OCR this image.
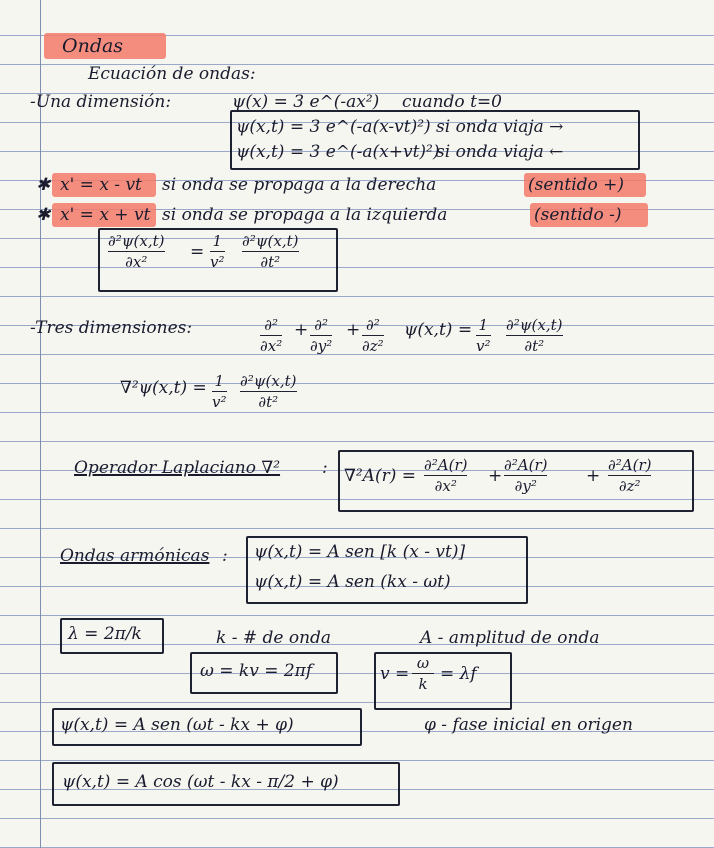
Ondas
Ecuación de ondas:
-Una dimensión:	ψ(x) = 3 e^(-ax²) cuando t=0
ψ(x,t) = 3 e^(-a(x-vt)²) si onda viaja →
ψ(x,t) = 3 e^(-a(x+vt)²)
si onda viaja ←
✱ x' = x - vt si onda se propaga a la derecha	(sentido +)
✱ x' = x + vt si onda se propaga a la izquierda	(sentido -)
∂²ψ(x,t)
∂x²	=
1
v²
∂²ψ(x,t)
∂t²
-Tres dimensiones:	∂²
∂x²
+ ∂²
∂y²
+ ∂²
∂z²
ψ(x,t) = 1
v²
∂²ψ(x,t)
∂t²
∇²ψ(x,t) = 1
v²
∂²ψ(x,t)
∂t²
Operador Laplaciano ∇² : ∇²A(r) =
∂²A(r)
∂x² +
∂²A(r)
∂y²	+
∂²A(r)
∂z²
Ondas armónicas : ψ(x,t) = A sen [k (x - vt)]
ψ(x,t) = A sen (kx - ωt)
λ = 2π/k	k - # de onda	A - amplitud de onda
ω = kv = 2πf	v =
ω
k = λf
ψ(x,t) = A sen (ωt - kx + φ)	φ - fase inicial en origen
ψ(x,t) = A cos (ωt - kx - π/2 + φ)
